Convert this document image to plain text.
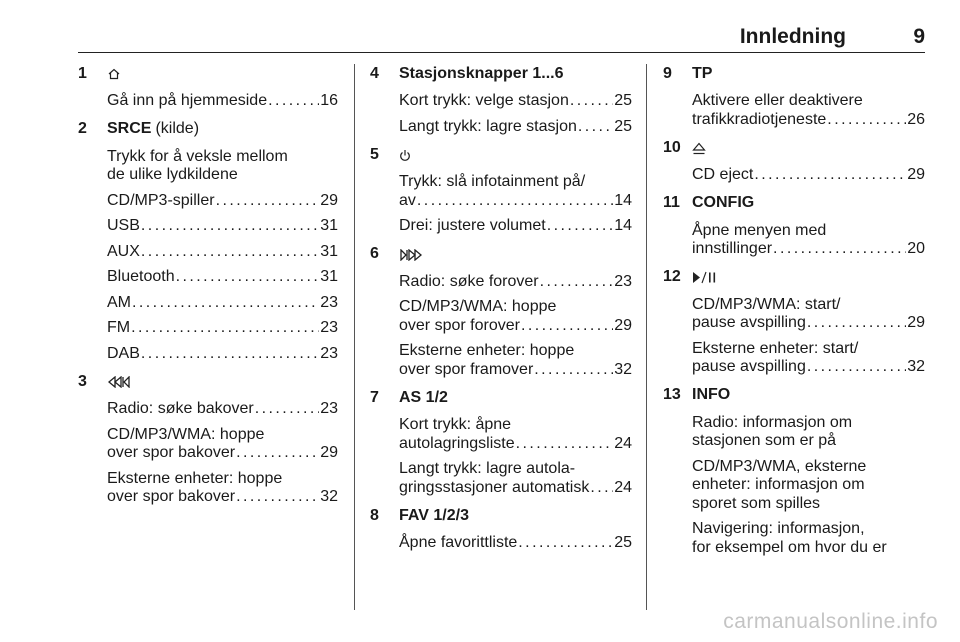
Innledning	9
1
Gå inn på hjemmeside . . .	16
2	SRCE (kilde)
Trykk for å veksle mellom
de ulike lydkildene
CD/MP3-spiller . . .	29
USB . . .	31
AUX . . .	31
Bluetooth . . .	31
AM . . .	23
FM . . .	23
DAB . . .	23
3
Radio: søke bakover . . .	23
CD/MP3/WMA: hoppe
over spor bakover . . .	29
Eksterne enheter: hoppe
over spor bakover . . .	32
4	Stasjonsknapper 1...6
Kort trykk: velge stasjon . . .	25
Langt trykk: lagre stasjon . . . 25
5
Trykk: slå infotainment på/
av . . .	14
Drei: justere volumet . . .	14
6
Radio: søke forover . . .	23
CD/MP3/WMA: hoppe
over spor forover . . .	29
Eksterne enheter: hoppe
over spor framover . . .	32
7	AS 1/2
Kort trykk: åpne
autolagringsliste . . .	24
Langt trykk: lagre autola-
gringsstasjoner automatisk . . . 24
8	FAV 1/2/3
Åpne favorittliste . . .	25
9	TP
Aktivere eller deaktivere
trafikkradiotjeneste . . .	26
10
CD eject . . .	29
11 CONFIG
Åpne menyen med
innstillinger . . .	20
12
CD/MP3/WMA: start/
pause avspilling . . .	29
Eksterne enheter: start/
pause avspilling . . .	32
13 INFO
Radio: informasjon om
stasjonen som er på
CD/MP3/WMA, eksterne
enheter: informasjon om
sporet som spilles
Navigering: informasjon,
for eksempel om hvor du er
carmanualsonline.info
